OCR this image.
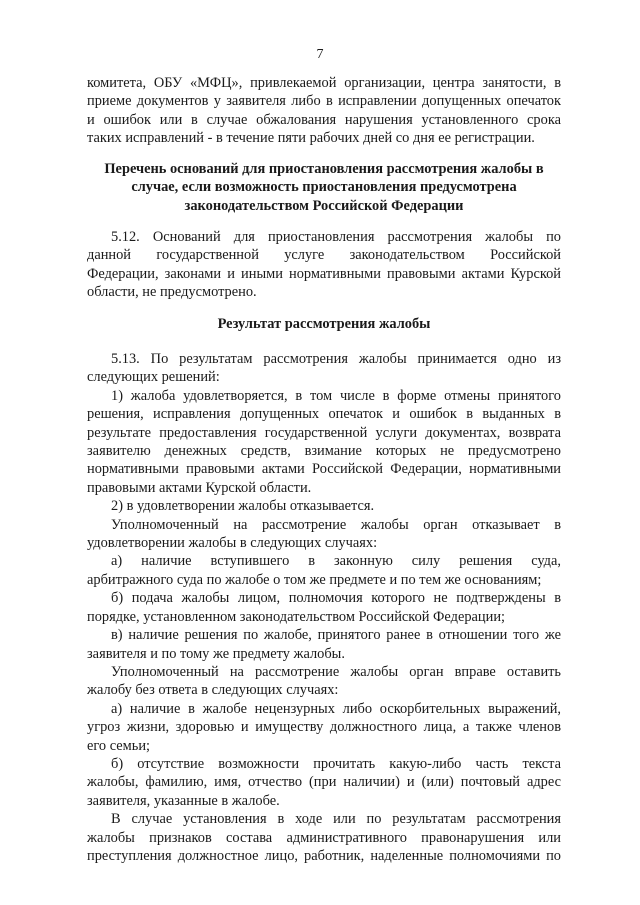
7
комитета, ОБУ «МФЦ», привлекаемой организации, центра занятости, в
приеме документов у заявителя либо в исправлении допущенных опечаток
и ошибок или в случае обжалования нарушения установленного срока
таких исправлений - в течение пяти рабочих дней со дня ее регистрации.

Перечень оснований для приостановления рассмотрения жалобы в

случае, если возможность приостановления предусмотрена

законодательством Российской Федерации

5.12. Оснований для приостановления рассмотрения жалобы по
данной государственной услуге законодательством Российской
Федерации, законами и иными нормативными правовыми актами Курской
области, не предусмотрено.

Результат рассмотрения жалобы

5.13. По результатам рассмотрения жалобы принимается одно из
следующих решений:
1) жалоба удовлетворяется, в том числе в форме отмены принятого
решения, исправления допущенных опечаток и ошибок в выданных в
результате предоставления государственной услуги документах, возврата
заявителю денежных средств, взимание которых не предусмотрено
нормативными правовыми актами Российской Федерации, нормативными
правовыми актами Курской области.
2) в удовлетворении жалобы отказывается.
Уполномоченный на рассмотрение жалобы орган отказывает в
удовлетворении жалобы в следующих случаях:
а) наличие вступившего в законную силу решения суда,
арбитражного суда по жалобе о том же предмете и по тем же основаниям;
б) подача жалобы лицом, полномочия которого не подтверждены в
порядке, установленном законодательством Российской Федерации;
в) наличие решения по жалобе, принятого ранее в отношении того же
заявителя и по тому же предмету жалобы.
Уполномоченный на рассмотрение жалобы орган вправе оставить
жалобу без ответа в следующих случаях:
а) наличие в жалобе нецензурных либо оскорбительных выражений,
угроз жизни, здоровью и имуществу должностного лица, а также членов
его семьи;
б) отсутствие возможности прочитать какую-либо часть текста
жалобы, фамилию, имя, отчество (при наличии) и (или) почтовый адрес
заявителя, указанные в жалобе.
В случае установления в ходе или по результатам рассмотрения
жалобы признаков состава административного правонарушения или
преступления должностное лицо, работник, наделенные полномочиями по
